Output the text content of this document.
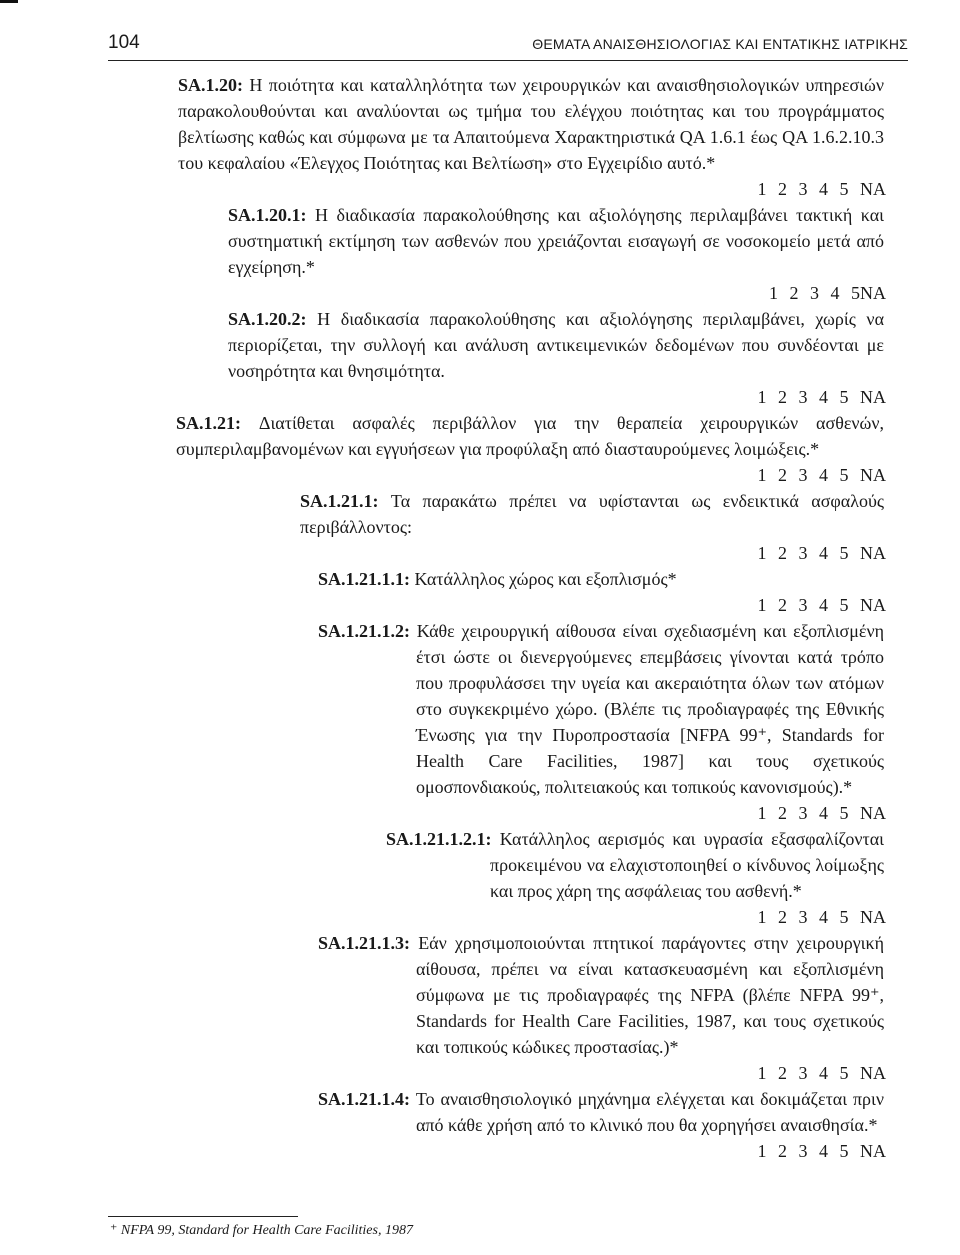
104	ΘΕΜΑΤΑ ΑΝΑΙΣΘΗΣΙΟΛΟΓΙΑΣ ΚΑΙ ΕΝΤΑΤΙΚΗΣ ΙΑΤΡΙΚΗΣ

SA.1.20: Η ποιότητα και καταλληλότητα των χειρουργικών και αναισθησιολογικών υπηρεσιών παρακολουθούνται και αναλύονται ως τμήμα του ελέγχου ποιότητας και του προγράμματος βελτίωσης καθώς και σύμφωνα με τα Απαιτούμενα Χαρακτηριστικά QA 1.6.1 έως QA 1.6.2.10.3 του κεφαλαίου «Έλεγχος Ποιότητας και Βελτίωση» στο Εγχειρίδιο αυτό.*

1 2 3 4 5 NA

SA.1.20.1: Η διαδικασία παρακολούθησης και αξιολόγησης περιλαμβάνει τακτική και συστηματική εκτίμηση των ασθενών που χρειάζονται εισαγωγή σε νοσοκομείο μετά από εγχείρηση.*

1 2 3 4 5NA

SA.1.20.2: Η διαδικασία παρακολούθησης και αξιολόγησης περιλαμβάνει, χωρίς να περιορίζεται, την συλλογή και ανάλυση αντικειμενικών δεδομένων που συνδέονται με νοσηρότητα και θνησιμότητα.

1 2 3 4 5 NA

SA.1.21: Διατίθεται ασφαλές περιβάλλον για την θεραπεία χειρουργικών ασθενών, συμπεριλαμβανομένων και εγγυήσεων για προφύλαξη από διασταυρούμενες λοιμώξεις.*

1 2 3 4 5 NA

SA.1.21.1: Τα παρακάτω πρέπει να υφίστανται ως ενδεικτικά ασφαλούς περιβάλλοντος:

1 2 3 4 5 NA

SA.1.21.1.1: Κατάλληλος χώρος και εξοπλισμός*

1 2 3 4 5 NA

SA.1.21.1.2: Κάθε χειρουργική αίθουσα είναι σχεδιασμένη και εξοπλισμένη έτσι ώστε οι διενεργούμενες επεμβάσεις γίνονται κατά τρόπο που προφυλάσσει την υγεία και ακεραιότητα όλων των ατόμων στο συγκεκριμένο χώρο. (Βλέπε τις προδιαγραφές της Εθνικής Ένωσης για την Πυροπροστασία [NFPA 99⁺, Standards for Health Care Facilities, 1987] και τους σχετικούς ομοσπονδιακούς, πολιτειακούς και τοπικούς κανονισμούς).*

1 2 3 4 5 NA

SA.1.21.1.2.1: Κατάλληλος αερισμός και υγρασία εξασφαλίζονται προκειμένου να ελαχιστοποιηθεί ο κίνδυνος λοίμωξης και προς χάρη της ασφάλειας του ασθενή.*

1 2 3 4 5 NA

SA.1.21.1.3: Εάν χρησιμοποιούνται πτητικοί παράγοντες στην χειρουργική αίθουσα, πρέπει να είναι κατασκευασμένη και εξοπλισμένη σύμφωνα με τις προδιαγραφές της NFPA (βλέπε NFPA 99⁺, Standards for Health Care Facilities, 1987, και τους σχετικούς και τοπικούς κώδικες προστασίας.)*

1 2 3 4 5 NA

SA.1.21.1.4: Το αναισθησιολογικό μηχάνημα ελέγχεται και δοκιμάζεται πριν από κάθε χρήση από το κλινικό που θα χορηγήσει αναισθησία.*

1 2 3 4 5 NA

⁺ NFPA 99, Standard for Health Care Facilities, 1987
